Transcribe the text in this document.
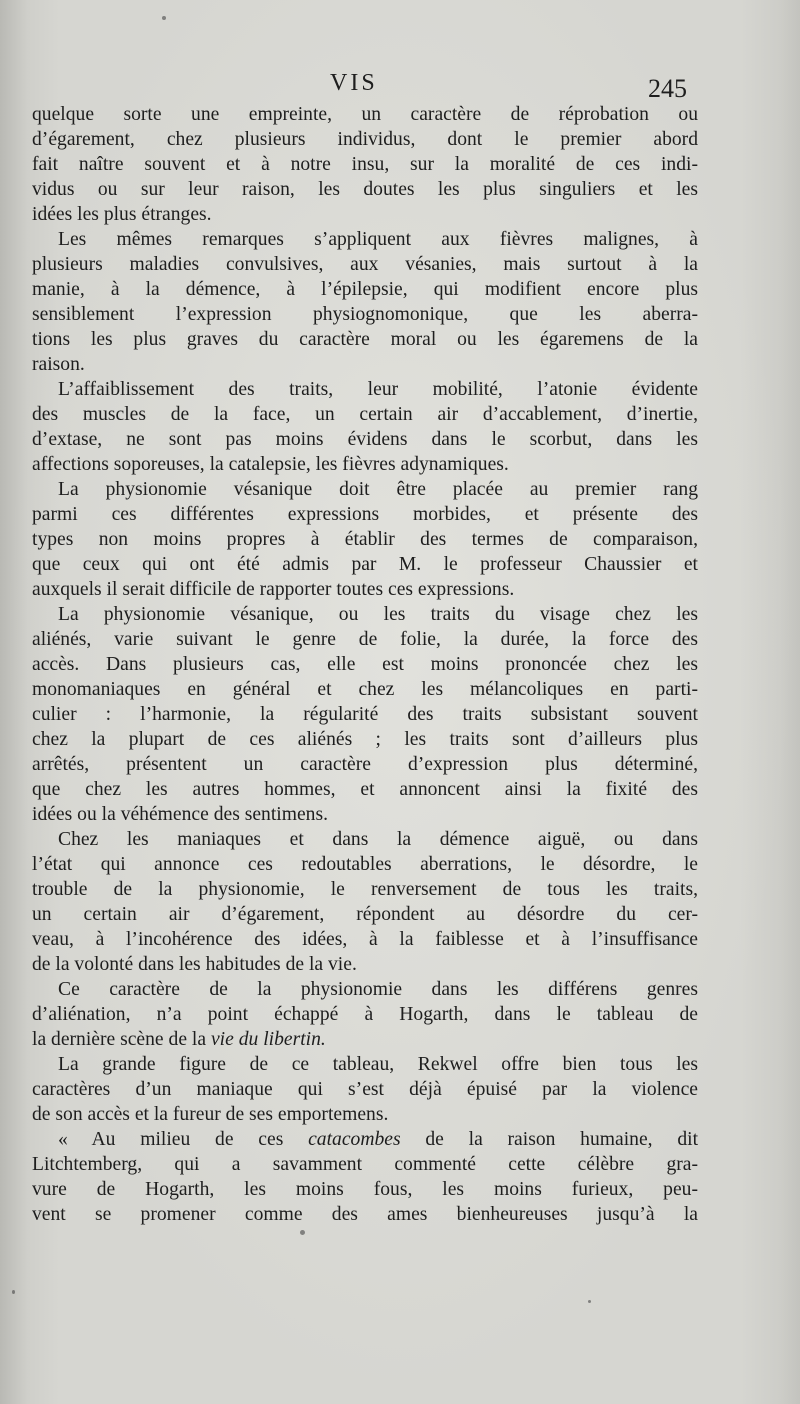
VIS	245
quelque sorte une empreinte, un caractère de réprobation ou
d’égarement, chez plusieurs individus, dont le premier abord
fait naître souvent et à notre insu, sur la moralité de ces indi-
vidus ou sur leur raison, les doutes les plus singuliers et les
idées les plus étranges.
Les mêmes remarques s’appliquent aux fièvres malignes, à
plusieurs maladies convulsives, aux vésanies, mais surtout à la
manie, à la démence, à l’épilepsie, qui modifient encore plus
sensiblement l’expression physiognomonique, que les aberra-
tions les plus graves du caractère moral ou les égaremens de la
raison.
L’affaiblissement des traits, leur mobilité, l’atonie évidente
des muscles de la face, un certain air d’accablement, d’inertie,
d’extase, ne sont pas moins évidens dans le scorbut, dans les
affections soporeuses, la catalepsie, les fièvres adynamiques.
La physionomie vésanique doit être placée au premier rang
parmi ces différentes expressions morbides, et présente des
types non moins propres à établir des termes de comparaison,
que ceux qui ont été admis par M. le professeur Chaussier et
auxquels il serait difficile de rapporter toutes ces expressions.
La physionomie vésanique, ou les traits du visage chez les
aliénés, varie suivant le genre de folie, la durée, la force des
accès. Dans plusieurs cas, elle est moins prononcée chez les
monomaniaques en général et chez les mélancoliques en parti-
culier : l’harmonie, la régularité des traits subsistant souvent
chez la plupart de ces aliénés ; les traits sont d’ailleurs plus
arrêtés, présentent un caractère d’expression plus déterminé,
que chez les autres hommes, et annoncent ainsi la fixité des
idées ou la véhémence des sentimens.
Chez les maniaques et dans la démence aiguë, ou dans
l’état qui annonce ces redoutables aberrations, le désordre, le
trouble de la physionomie, le renversement de tous les traits,
un certain air d’égarement, répondent au désordre du cer-
veau, à l’incohérence des idées, à la faiblesse et à l’insuffisance
de la volonté dans les habitudes de la vie.
Ce caractère de la physionomie dans les différens genres
d’aliénation, n’a point échappé à Hogarth, dans le tableau de
la dernière scène de la vie du libertin.
La grande figure de ce tableau, Rekwel offre bien tous les
caractères d’un maniaque qui s’est déjà épuisé par la violence
de son accès et la fureur de ses emportemens.
« Au milieu de ces catacombes de la raison humaine, dit
Litchtemberg, qui a savamment commenté cette célèbre gra-
vure de Hogarth, les moins fous, les moins furieux, peu-
vent se promener comme des ames bienheureuses jusqu’à la
